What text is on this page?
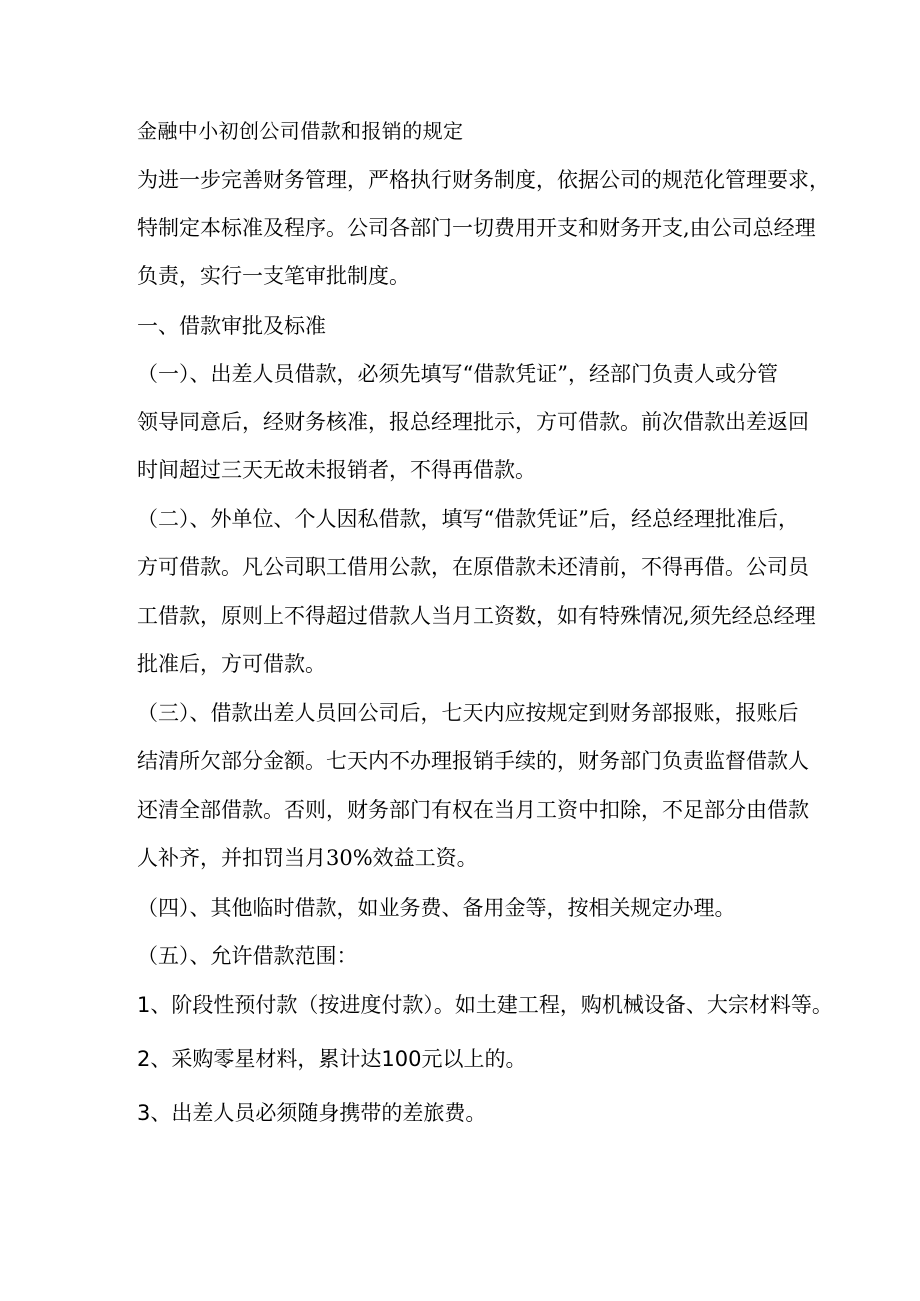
金融中小初创公司借款和报销的规定
为进一步完善财务管理，严格执行财务制度，依据公司的规范化管理要求，
特制定本标准及程序。公司各部门一切费用开支和财务开支,由公司总经理
负责，实行一支笔审批制度。
一、借款审批及标准
（一）、出差人员借款，必须先填写“借款凭证”，经部门负责人或分管
领导同意后，经财务核准，报总经理批示，方可借款。前次借款出差返回
时间超过三天无故未报销者，不得再借款。
（二）、外单位、个人因私借款，填写“借款凭证”后，经总经理批准后，
方可借款。凡公司职工借用公款，在原借款未还清前，不得再借。公司员
工借款，原则上不得超过借款人当月工资数，如有特殊情况,须先经总经理
批准后，方可借款。
（三）、借款出差人员回公司后，七天内应按规定到财务部报账，报账后
结清所欠部分金额。七天内不办理报销手续的，财务部门负责监督借款人
还清全部借款。否则，财务部门有权在当月工资中扣除，不足部分由借款
人补齐，并扣罚当月30%效益工资。
（四）、其他临时借款，如业务费、备用金等，按相关规定办理。
（五）、允许借款范围：
1、阶段性预付款（按进度付款）。如土建工程，购机械设备、大宗材料等。
2、采购零星材料，累计达100元以上的。
3、出差人员必须随身携带的差旅费。
